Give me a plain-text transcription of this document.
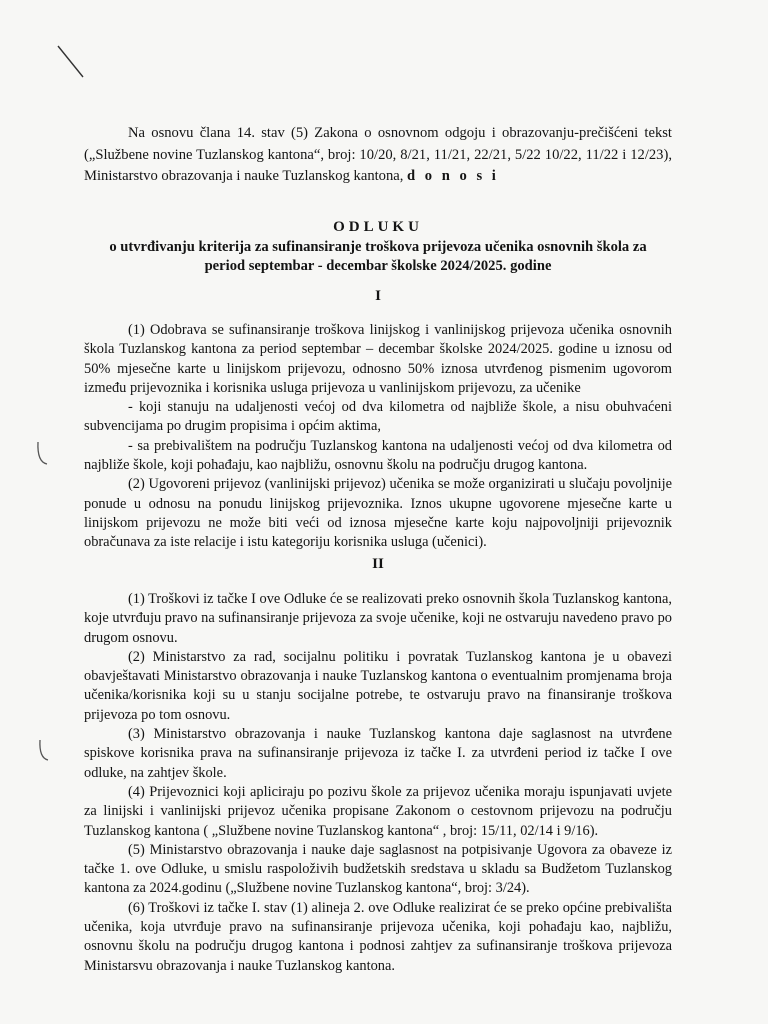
Na osnovu člana 14. stav (5) Zakona o osnovnom odgoju i obrazovanju-prečišćeni tekst („Službene novine Tuzlanskog kantona“, broj: 10/20, 8/21, 11/21, 22/21, 5/22 10/22, 11/22 i 12/23), Ministarstvo obrazovanja i nauke Tuzlanskog kantona, d o n o s i

ODLUKU
o utvrđivanju kriterija za sufinansiranje troškova prijevoza učenika osnovnih škola za
period septembar - decembar školske 2024/2025. godine
I

(1) Odobrava se sufinansiranje troškova linijskog i vanlinijskog prijevoza učenika osnovnih škola Tuzlanskog kantona za period septembar – decembar školske 2024/2025. godine u iznosu od 50% mjesečne karte u linijskom prijevozu, odnosno 50% iznosa utvrđenog pismenim ugovorom između prijevoznika i korisnika usluga prijevoza u vanlinijskom prijevozu, za učenike

- koji stanuju na udaljenosti većoj od dva kilometra od najbliže škole, a nisu obuhvaćeni subvencijama po drugim propisima i općim aktima,

- sa prebivalištem na području Tuzlanskog kantona na udaljenosti većoj od dva kilometra od najbliže škole, koji pohađaju, kao najbližu, osnovnu školu na području drugog kantona.

(2) Ugovoreni prijevoz (vanlinijski prijevoz) učenika se može organizirati u slučaju povoljnije ponude u odnosu na ponudu linijskog prijevoznika. Iznos ukupne ugovorene mjesečne karte u linijskom prijevozu ne može biti veći od iznosa mjesečne karte koju najpovoljniji prijevoznik obračunava za iste relacije i istu kategoriju korisnika usluga (učenici).

II

(1) Troškovi iz tačke I ove Odluke će se realizovati preko osnovnih škola Tuzlanskog kantona, koje utvrđuju pravo na sufinansiranje prijevoza za svoje učenike, koji ne ostvaruju navedeno pravo po drugom osnovu.

(2) Ministarstvo za rad, socijalnu politiku i povratak Tuzlanskog kantona je u obavezi obavještavati Ministarstvo obrazovanja i nauke Tuzlanskog kantona o eventualnim promjenama broja učenika/korisnika koji su u stanju socijalne potrebe, te ostvaruju pravo na finansiranje troškova prijevoza po tom osnovu.

(3) Ministarstvo obrazovanja i nauke Tuzlanskog kantona daje saglasnost na utvrđene spiskove korisnika prava na sufinansiranje prijevoza iz tačke I. za utvrđeni period iz tačke I ove odluke, na zahtjev škole.

(4) Prijevoznici koji apliciraju po pozivu škole za prijevoz učenika moraju ispunjavati uvjete za linijski i vanlinijski prijevoz učenika propisane Zakonom o cestovnom prijevozu na području Tuzlanskog kantona ( „Službene novine Tuzlanskog kantona“ , broj: 15/11, 02/14 i 9/16).

(5) Ministarstvo obrazovanja i nauke daje saglasnost na potpisivanje Ugovora za obaveze iz tačke 1. ove Odluke, u smislu raspoloživih budžetskih sredstava u skladu sa Budžetom Tuzlanskog kantona za 2024.godinu („Službene novine Tuzlanskog kantona“, broj: 3/24).

(6) Troškovi iz tačke I. stav (1) alineja 2. ove Odluke realizirat će se preko općine prebivališta učenika, koja utvrđuje pravo na sufinansiranje prijevoza učenika, koji pohađaju kao, najbližu, osnovnu školu na području drugog kantona i podnosi zahtjev za sufinansiranje troškova prijevoza Ministarsvu obrazovanja i nauke Tuzlanskog kantona.
